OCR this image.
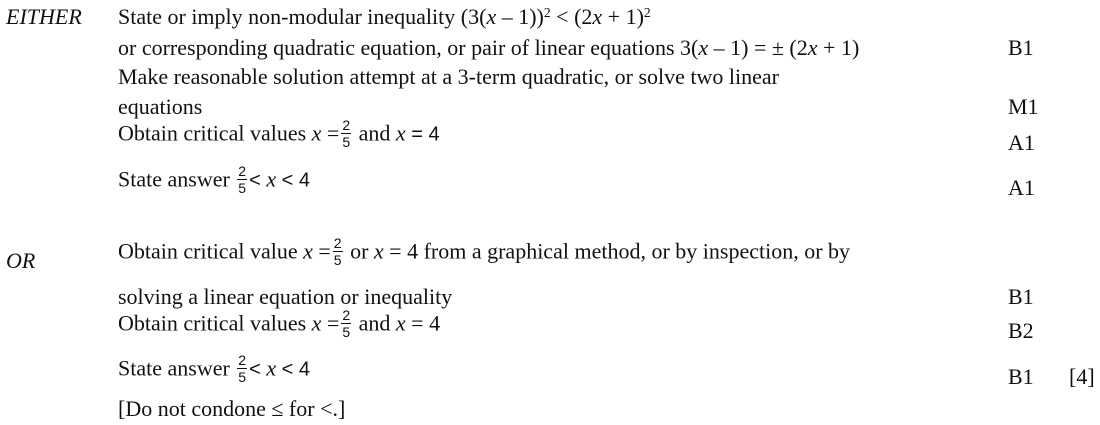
EITHER State or imply non-modular inequality $(3(x - 1))^2 < (2x + 1)^2$
or corresponding quadratic equation, or pair of linear equations 3(x – 1) = ± (2x + 1)	B1
Make reasonable solution attempt at a 3-term quadratic, or solve two linear
equations	M1
Obtain critical values $x = \frac{2}{5}$ and x = 4	A1
State answer $\frac{2}{5} < x < 4$	A1
OR	Obtain critical value $x = \frac{2}{5}$ or x = 4 from a graphical method, or by inspection, or by
solving a linear equation or inequality	B1
Obtain critical values $x = \frac{2}{5}$ and x = 4	B2
State answer $\frac{2}{5} < x < 4$	B1 [4]
[Do not condone ≤ for <.]
